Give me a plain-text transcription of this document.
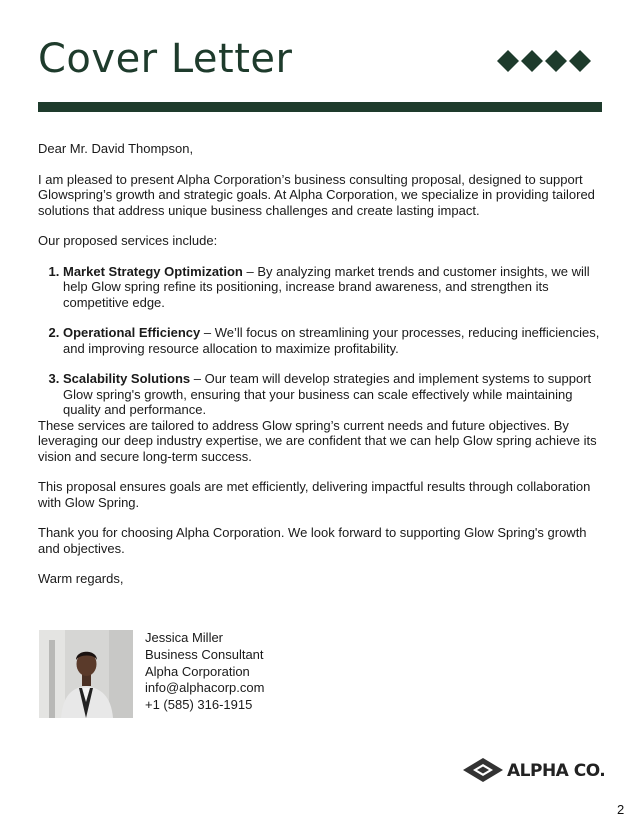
Cover Letter

Dear Mr. David Thompson,

I am pleased to present Alpha Corporation’s business consulting proposal, designed to support Glowspring’s growth and strategic goals. At Alpha Corporation, we specialize in providing tailored solutions that address unique business challenges and create lasting impact.

Our proposed services include:

1. Market Strategy Optimization – By analyzing market trends and customer insights, we will help Glow spring refine its positioning, increase brand awareness, and strengthen its competitive edge.
2. Operational Efficiency – We’ll focus on streamlining your processes, reducing inefficiencies, and improving resource allocation to maximize profitability.
3. Scalability Solutions – Our team will develop strategies and implement systems to support Glow spring's growth, ensuring that your business can scale effectively while maintaining quality and performance.

These services are tailored to address Glow spring’s current needs and future objectives. By leveraging our deep industry expertise, we are confident that we can help Glow spring achieve its vision and secure long-term success.

This proposal ensures goals are met efficiently, delivering impactful results through collaboration with Glow Spring.

Thank you for choosing Alpha Corporation. We look forward to supporting Glow Spring's growth and objectives.

Warm regards,

Jessica Miller
Business Consultant
Alpha Corporation
info@alphacorp.com
+1 (585) 316-1915
ALPHA CO.
2
